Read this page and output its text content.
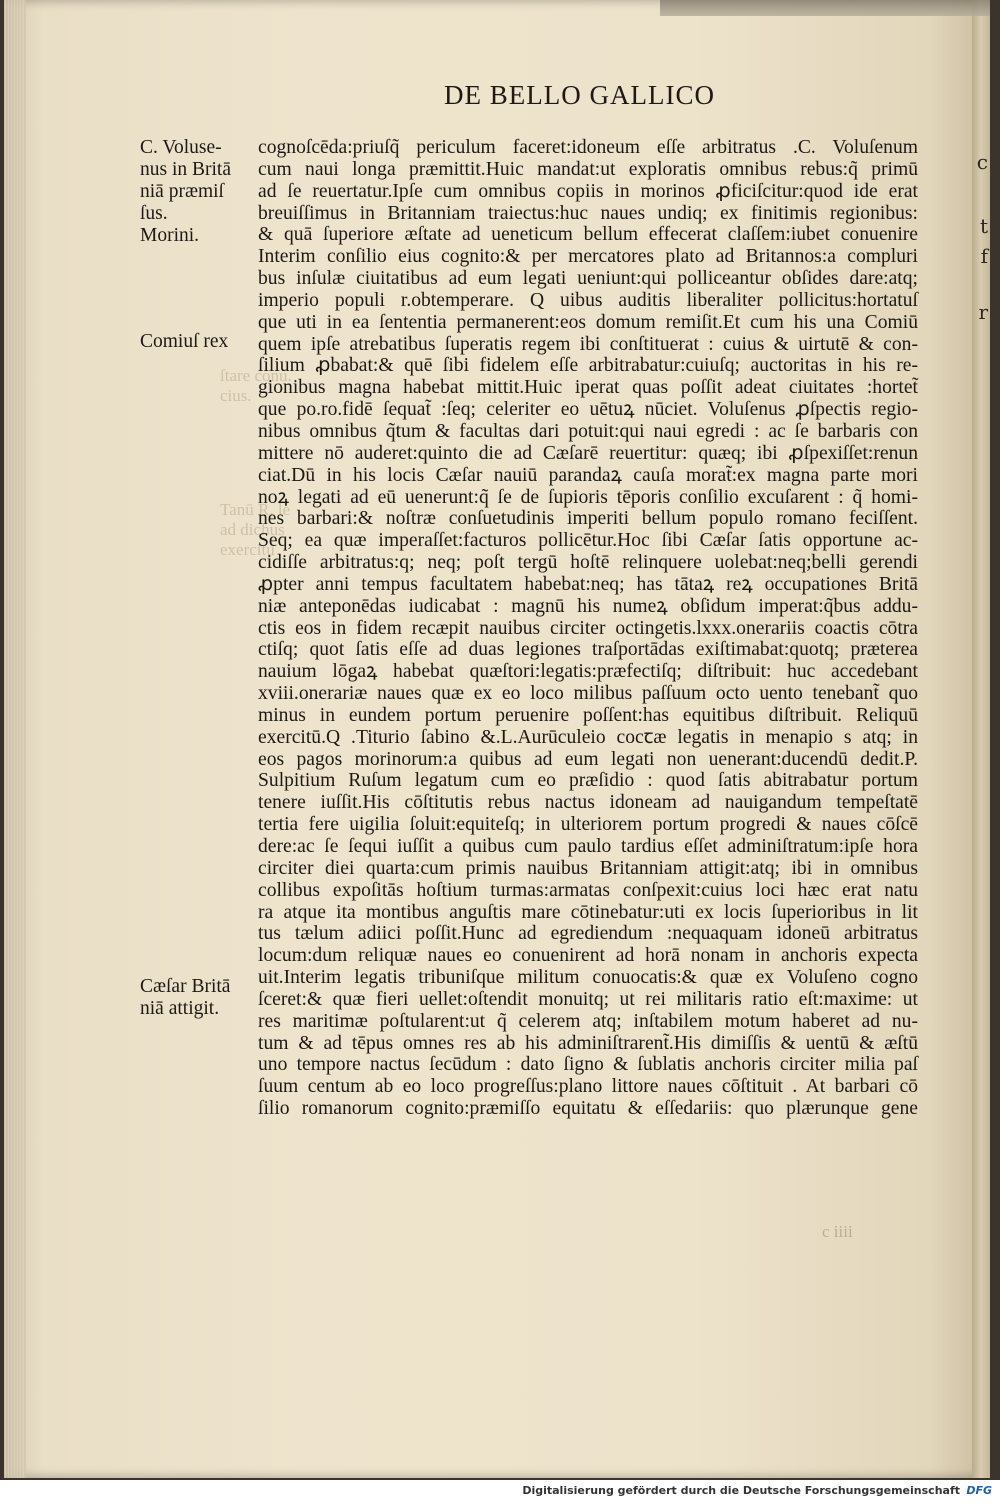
c
t
f
r
DE BELLO GALLICO
C. Voluse-
nus in Britā
niā præmiſ
ſus.
Morini.
Comiuſ rex
Cæſar Britā
niā attigit.
ſtare conu.
cius.
Tanū R. le
ad dichus
exercitu
cognoſcēda:priuſq̃ periculum faceret:idoneum eſſe arbitratus .C. Voluſenum
cum naui longa præmittit.Huic mandat:ut exploratis omnibus rebus:q̃ primū
ad ſe reuertatur.Ipſe cum omnibus copiis in morinos ꝓficiſcitur:quod ide erat
breuiſſimus in Britanniam traiectus:huc naues undiq; ex finitimis regionibus:
& quā ſuperiore æſtate ad ueneticum bellum effecerat claſſem:iubet conuenire
Interim conſilio eius cognito:& per mercatores plato ad Britannos:a compluri
bus inſulæ ciuitatibus ad eum legati ueniunt:qui polliceantur obſides dare:atq;
imperio populi r.obtemperare. Q uibus auditis liberaliter pollicitus:hortatuſ
que uti in ea ſententia permanerent:eos domum remiſit.Et cum his una Comiū
quem ipſe atrebatibus ſuperatis regem ibi conſtituerat : cuius & uirtutē & con-
ſilium ꝓbabat:& quē ſibi fidelem eſſe arbitrabatur:cuiuſq; auctoritas in his re-
gionibus magna habebat mittit.Huic iperat quas poſſit adeat ciuitates :hortet̃
que po.ro.fidē ſequat̃ :ſeq; celeriter eo uētuꝝ nūciet. Voluſenus ꝓſpectis regio-
nibus omnibus q̃tum & facultas dari potuit:qui naui egredi : ac ſe barbaris con
mittere nō auderet:quinto die ad Cæſarē reuertitur: quæq; ibi ꝓſpexiſſet:renun
ciat.Dū in his locis Cæſar nauiū parandaꝝ cauſa morat̃:ex magna parte mori
noꝝ legati ad eū uenerunt:q̃ ſe de ſupioris tēporis conſilio excuſarent : q̃ homi-
nes barbari:& noſtræ conſuetudinis imperiti bellum populo romano feciſſent.
Seq; ea quæ imperaſſet:facturos pollicētur.Hoc ſibi Cæſar ſatis opportune ac-
cidiſſe arbitratus:q; neq; poſt tergū hoſtē relinquere uolebat:neq;belli gerendi
ꝓpter anni tempus facultatem habebat:neq; has tātaꝝ reꝝ occupationes Britā
niæ anteponēdas iudicabat : magnū his numeꝝ obſidum imperat:q̃bus addu-
ctis eos in fidem recæpit nauibus circiter octingetis.lxxx.onerariis coactis cōtra
ctiſq; quot ſatis eſſe ad duas legiones traſportādas exiſtimabat:quotq; præterea
nauium lōgaꝝ habebat quæſtori:legatis:præfectiſq; diſtribuit: huc accedebant
xviii.onerariæ naues quæ ex eo loco milibus paſſuum octo uento tenebant̃ quo
minus in eundem portum peruenire poſſent:has equitibus diſtribuit. Reliquū
exercitū.Q .Titurio ſabino &.L.Aurūculeio cocꞇæ legatis in menapio s atq; in
eos pagos morinorum:a quibus ad eum legati non uenerant:ducendū dedit.P.
Sulpitium Ruſum legatum cum eo præſidio : quod ſatis abitrabatur portum
tenere iuſſit.His cōſtitutis rebus nactus idoneam ad nauigandum tempeſtatē
tertia fere uigilia ſoluit:equiteſq; in ulteriorem portum progredi & naues cōſcē
dere:ac ſe ſequi iuſſit a quibus cum paulo tardius eſſet adminiſtratum:ipſe hora
circiter diei quarta:cum primis nauibus Britanniam attigit:atq; ibi in omnibus
collibus expoſitās hoſtium turmas:armatas conſpexit:cuius loci hæc erat natu
ra atque ita montibus anguſtis mare cōtinebatur:uti ex locis ſuperioribus in lit
tus tælum adiici poſſit.Hunc ad egrediendum :nequaquam idoneū arbitratus
locum:dum reliquæ naues eo conuenirent ad horā nonam in anchoris expecta
uit.Interim legatis tribuniſque militum conuocatis:& quæ ex Voluſeno cogno
ſceret:& quæ fieri uellet:oſtendit monuitq; ut rei militaris ratio eſt:maxime: ut
res maritimæ poſtularent:ut q̃ celerem atq; inſtabilem motum haberet ad nu-
tum & ad tēpus omnes res ab his adminiſtrarent̃.His dimiſſis & uentū & æſtū
uno tempore nactus ſecūdum : dato ſigno & ſublatis anchoris circiter milia paſ
ſuum centum ab eo loco progreſſus:plano littore naues cōſtituit . At barbari cō
ſilio romanorum cognito:præmiſſo equitatu & eſſedariis: quo plærunque gene
c iiii
Digitalisierung gefördert durch die Deutsche Forschungsgemeinschaft DFG
